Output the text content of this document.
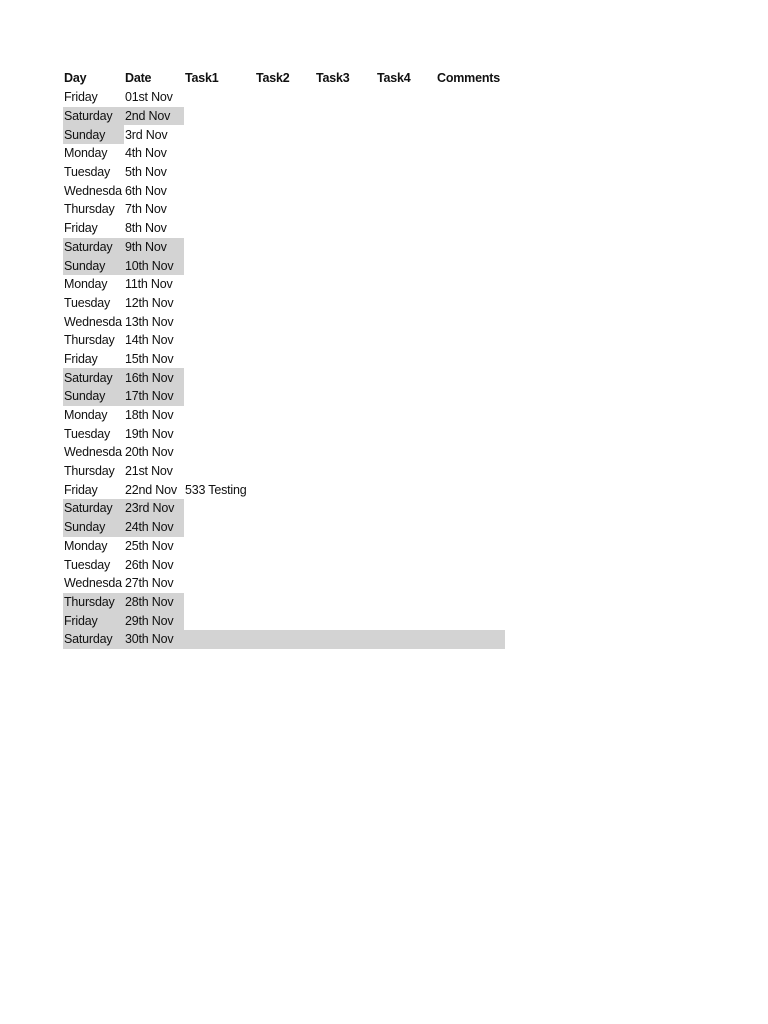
Day	Date	Task1	Task2	Task3	Task4	Comments
Friday	01st Nov					
Saturday	2nd Nov					
Sunday	3rd Nov					
Monday	4th Nov					
Tuesday	5th Nov					
Wednesda	6th Nov					
Thursday	7th Nov					
Friday	8th Nov					
Saturday	9th Nov					
Sunday	10th Nov					
Monday	11th Nov					
Tuesday	12th Nov					
Wednesda	13th Nov					
Thursday	14th Nov					
Friday	15th Nov					
Saturday	16th Nov					
Sunday	17th Nov					
Monday	18th Nov					
Tuesday	19th Nov					
Wednesda	20th Nov					
Thursday	21st Nov					
Friday	22nd Nov	533 Testing				
Saturday	23rd Nov					
Sunday	24th Nov					
Monday	25th Nov					
Tuesday	26th Nov					
Wednesda	27th Nov					
Thursday	28th Nov					
Friday	29th Nov					
Saturday	30th Nov					
